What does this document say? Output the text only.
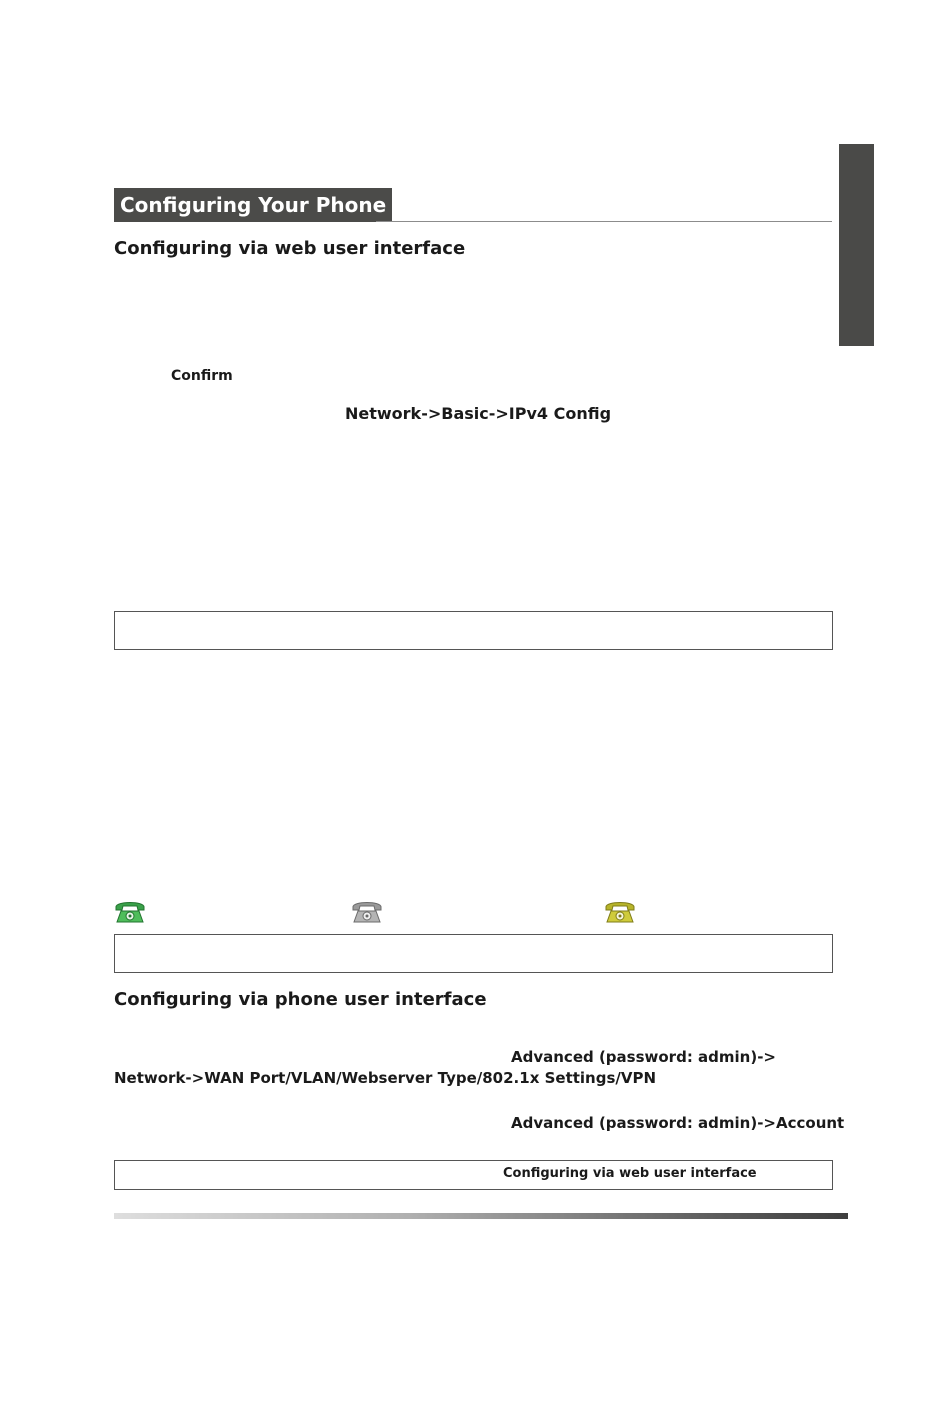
Configuring Your Phone
Configuring via web user interface
Confirm
Network->Basic->IPv4 Config
Configuring via phone user interface
Advanced (password: admin)->
Network->WAN Port/VLAN/Webserver Type/802.1x Settings/VPN
Advanced (password: admin)->Account
Configuring via web user interface
